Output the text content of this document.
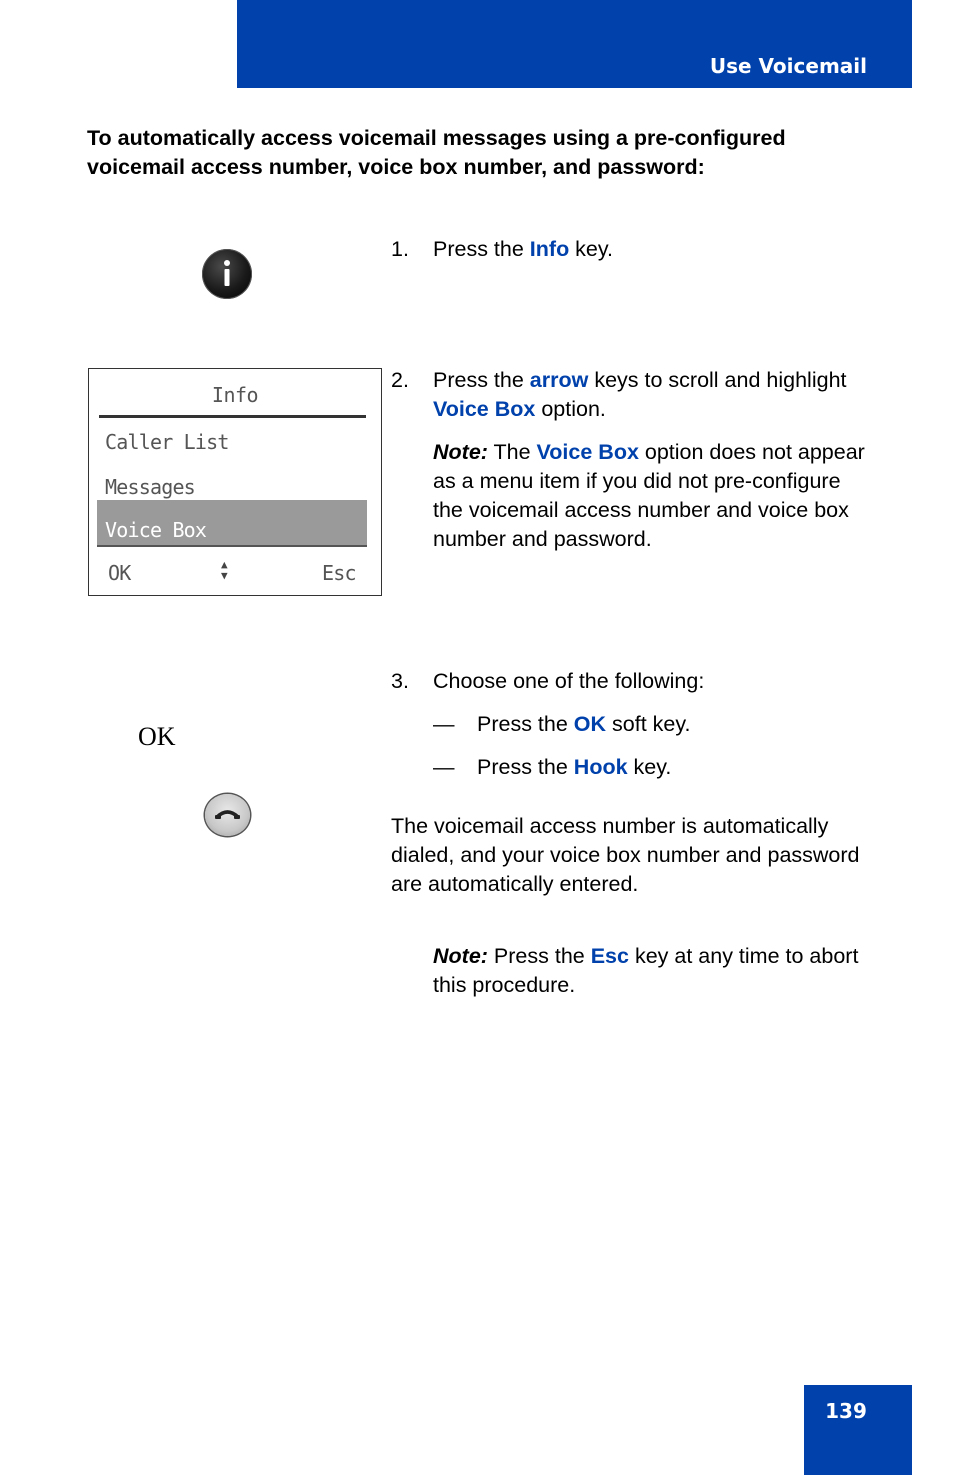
Use Voicemail
To automatically access voicemail messages using a pre-configured voicemail access number, voice box number, and password:
1. Press the Info key.
Info
Caller List
Messages
Voice Box
OK	▲
▼	Esc
2. Press the arrow keys to scroll and highlight Voice Box option.
Note: The Voice Box option does not appear as a menu item if you did not pre-configure the voicemail access number and voice box number and password.
OK
3. Choose one of the following:
— Press the OK soft key.
— Press the Hook key.
The voicemail access number is automatically dialed, and your voice box number and password are automatically entered.
Note: Press the Esc key at any time to abort this procedure.
139
